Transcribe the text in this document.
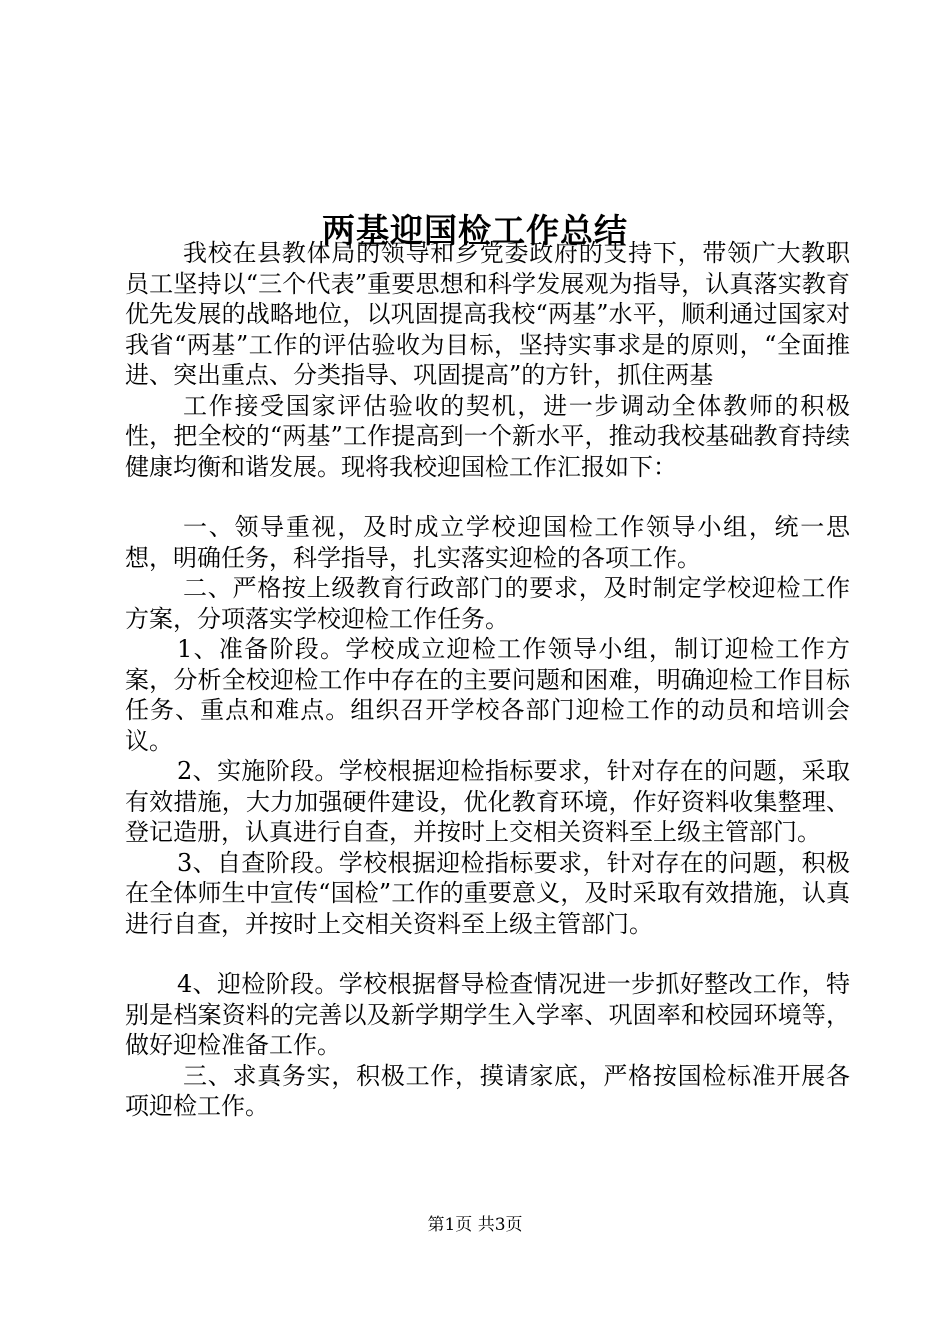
两基迎国检工作总结

我校在县教体局的领导和乡党委政府的支持下，带领广大教职员工坚持以“三个代表”重要思想和科学发展观为指导，认真落实教育优先发展的战略地位，以巩固提高我校“两基”水平，顺利通过国家对我省“两基”工作的评估验收为目标，坚持实事求是的原则，“全面推进、突出重点、分类指导、巩固提高”的方针，抓住两基

工作接受国家评估验收的契机，进一步调动全体教师的积极性，把全校的“两基”工作提高到一个新水平，推动我校基础教育持续健康均衡和谐发展。现将我校迎国检工作汇报如下：

一、领导重视，及时成立学校迎国检工作领导小组，统一思想，明确任务，科学指导，扎实落实迎检的各项工作。

二、严格按上级教育行政部门的要求，及时制定学校迎检工作方案，分项落实学校迎检工作任务。

1、准备阶段。学校成立迎检工作领导小组，制订迎检工作方案，分析全校迎检工作中存在的主要问题和困难，明确迎检工作目标任务、重点和难点。组织召开学校各部门迎检工作的动员和培训会议。

2、实施阶段。学校根据迎检指标要求，针对存在的问题，采取有效措施，大力加强硬件建设，优化教育环境，作好资料收集整理、登记造册，认真进行自查，并按时上交相关资料至上级主管部门。

3、自查阶段。学校根据迎检指标要求，针对存在的问题，积极在全体师生中宣传“国检”工作的重要意义，及时采取有效措施，认真进行自查，并按时上交相关资料至上级主管部门。

4、迎检阶段。学校根据督导检查情况进一步抓好整改工作，特别是档案资料的完善以及新学期学生入学率、巩固率和校园环境等，做好迎检准备工作。

三、求真务实，积极工作，摸请家底，严格按国检标准开展各项迎检工作。

第1页 共3页
